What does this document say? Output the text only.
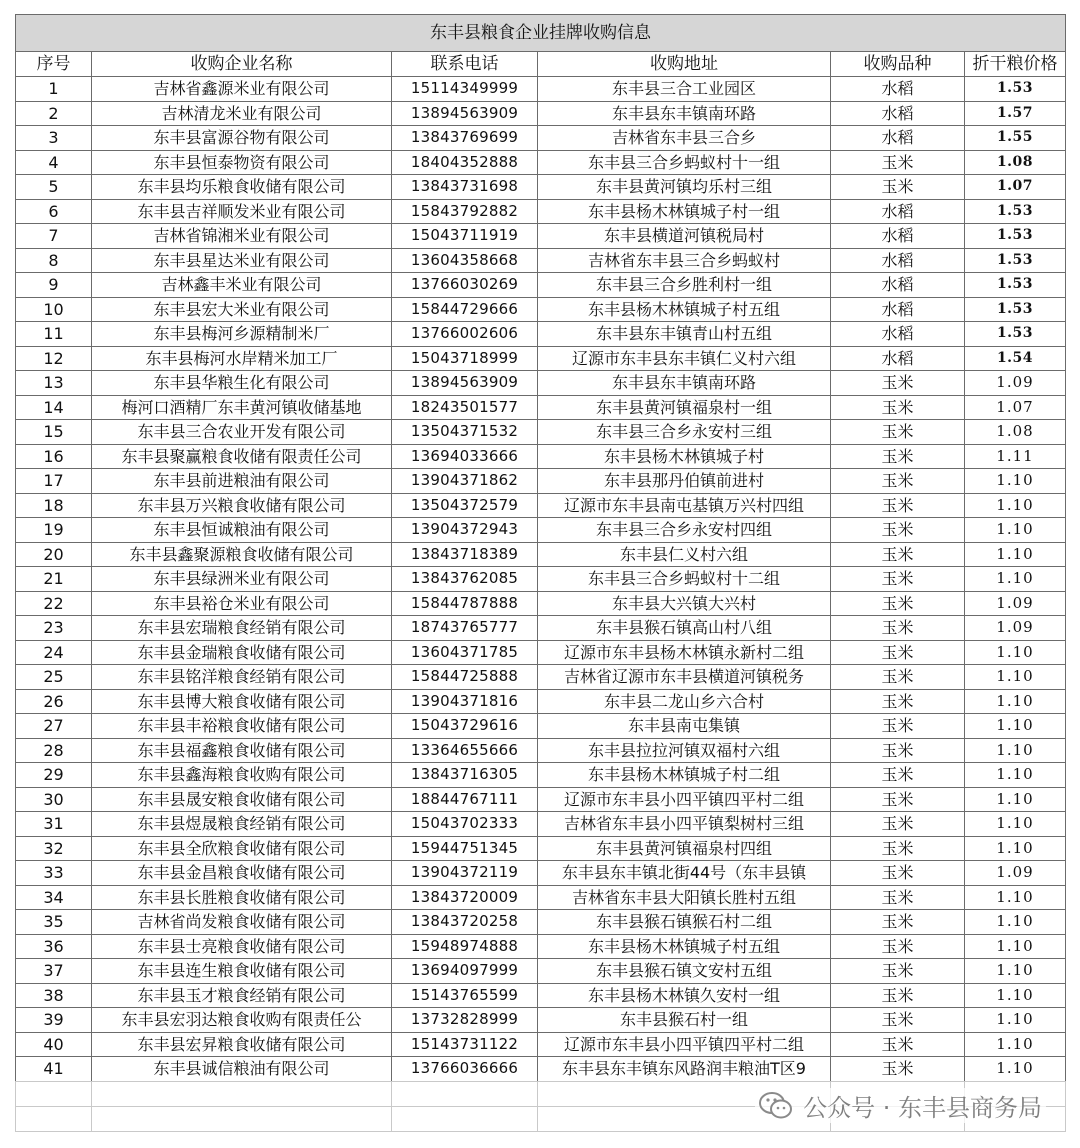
东丰县粮食企业挂牌收购信息					
序号	收购企业名称	联系电话	收购地址	收购品种	折干粮价格
1	吉林省鑫源米业有限公司	15114349999	东丰县三合工业园区	水稻	1.53
2	吉林清龙米业有限公司	13894563909	东丰县东丰镇南环路	水稻	1.57
3	东丰县富源谷物有限公司	13843769699	吉林省东丰县三合乡	水稻	1.55
4	东丰县恒泰物资有限公司	18404352888	东丰县三合乡蚂蚁村十一组	玉米	1.08
5	东丰县均乐粮食收储有限公司	13843731698	东丰县黄河镇均乐村三组	玉米	1.07
6	东丰县吉祥顺发米业有限公司	15843792882	东丰县杨木林镇城子村一组	水稻	1.53
7	吉林省锦湘米业有限公司	15043711919	东丰县横道河镇税局村	水稻	1.53
8	东丰县星达米业有限公司	13604358668	吉林省东丰县三合乡蚂蚁村	水稻	1.53
9	吉林鑫丰米业有限公司	13766030269	东丰县三合乡胜利村一组	水稻	1.53
10	东丰县宏大米业有限公司	15844729666	东丰县杨木林镇城子村五组	水稻	1.53
11	东丰县梅河乡源精制米厂	13766002606	东丰县东丰镇青山村五组	水稻	1.53
12	东丰县梅河水岸精米加工厂	15043718999	辽源市东丰县东丰镇仁义村六组	水稻	1.54
13	东丰县华粮生化有限公司	13894563909	东丰县东丰镇南环路	玉米	1.09
14	梅河口酒精厂东丰黄河镇收储基地	18243501577	东丰县黄河镇福泉村一组	玉米	1.07
15	东丰县三合农业开发有限公司	13504371532	东丰县三合乡永安村三组	玉米	1.08
16	东丰县聚赢粮食收储有限责任公司	13694033666	东丰县杨木林镇城子村	玉米	1.11
17	东丰县前进粮油有限公司	13904371862	东丰县那丹伯镇前进村	玉米	1.10
18	东丰县万兴粮食收储有限公司	13504372579	辽源市东丰县南屯基镇万兴村四组	玉米	1.10
19	东丰县恒诚粮油有限公司	13904372943	东丰县三合乡永安村四组	玉米	1.10
20	东丰县鑫聚源粮食收储有限公司	13843718389	东丰县仁义村六组	玉米	1.10
21	东丰县绿洲米业有限公司	13843762085	东丰县三合乡蚂蚁村十二组	玉米	1.10
22	东丰县裕仓米业有限公司	15844787888	东丰县大兴镇大兴村	玉米	1.09
23	东丰县宏瑞粮食经销有限公司	18743765777	东丰县猴石镇高山村八组	玉米	1.09
24	东丰县金瑞粮食收储有限公司	13604371785	辽源市东丰县杨木林镇永新村二组	玉米	1.10
25	东丰县铭洋粮食经销有限公司	15844725888	吉林省辽源市东丰县横道河镇税务	玉米	1.10
26	东丰县博大粮食收储有限公司	13904371816	东丰县二龙山乡六合村	玉米	1.10
27	东丰县丰裕粮食收储有限公司	15043729616	东丰县南屯集镇	玉米	1.10
28	东丰县福鑫粮食收储有限公司	13364655666	东丰县拉拉河镇双福村六组	玉米	1.10
29	东丰县鑫海粮食收购有限公司	13843716305	东丰县杨木林镇城子村二组	玉米	1.10
30	东丰县晟安粮食收储有限公司	18844767111	辽源市东丰县小四平镇四平村二组	玉米	1.10
31	东丰县煜晟粮食经销有限公司	15043702333	吉林省东丰县小四平镇梨树村三组	玉米	1.10
32	东丰县全欣粮食收储有限公司	15944751345	东丰县黄河镇福泉村四组	玉米	1.10
33	东丰县金昌粮食收储有限公司	13904372119	东丰县东丰镇北街44号（东丰县镇	玉米	1.09
34	东丰县长胜粮食收储有限公司	13843720009	吉林省东丰县大阳镇长胜村五组	玉米	1.10
35	吉林省尚发粮食收储有限公司	13843720258	东丰县猴石镇猴石村二组	玉米	1.10
36	东丰县士亮粮食收储有限公司	15948974888	东丰县杨木林镇城子村五组	玉米	1.10
37	东丰县连生粮食收储有限公司	13694097999	东丰县猴石镇文安村五组	玉米	1.10
38	东丰县玉才粮食经销有限公司	15143765599	东丰县杨木林镇久安村一组	玉米	1.10
39	东丰县宏羽达粮食收购有限责任公	13732828999	东丰县猴石村一组	玉米	1.10
40	东丰县宏昇粮食收储有限公司	15143731122	辽源市东丰县小四平镇四平村二组	玉米	1.10
41	东丰县诚信粮油有限公司	13766036666	东丰县东丰镇东风路润丰粮油T区9	玉米	1.10

公众号 · 东丰县商务局
